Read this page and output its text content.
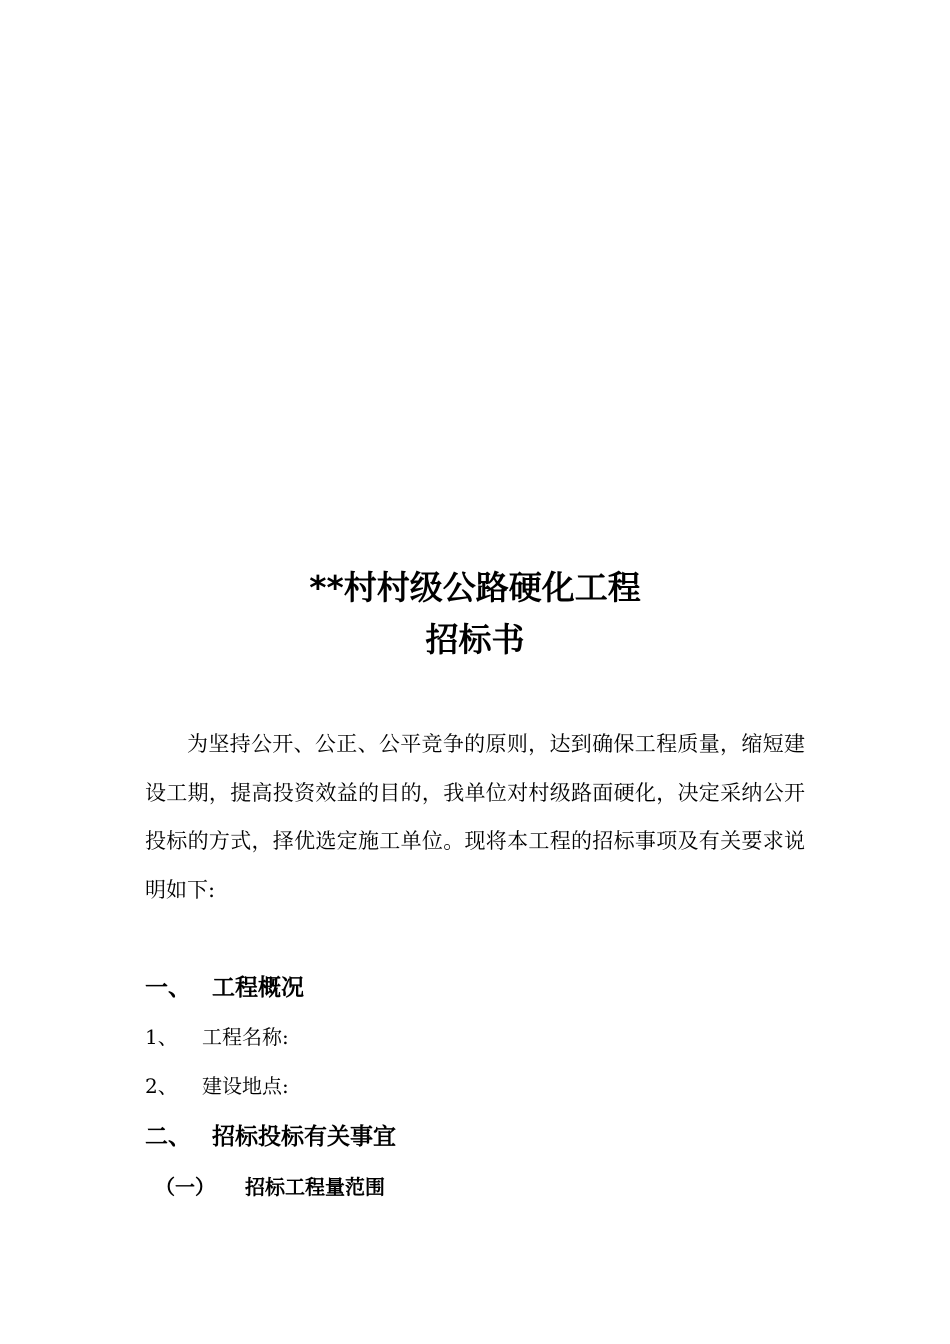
**村村级公路硬化工程
招标书

为坚持公开、公正、公平竞争的原则，达到确保工程质量，缩短建设工期，提高投资效益的目的，我单位对村级路面硬化，决定采纳公开投标的方式，择优选定施工单位。现将本工程的招标事项及有关要求说明如下:

一、 工程概况
1、 工程名称:
2、 建设地点:
二、 招标投标有关事宜
（一） 招标工程量范围
